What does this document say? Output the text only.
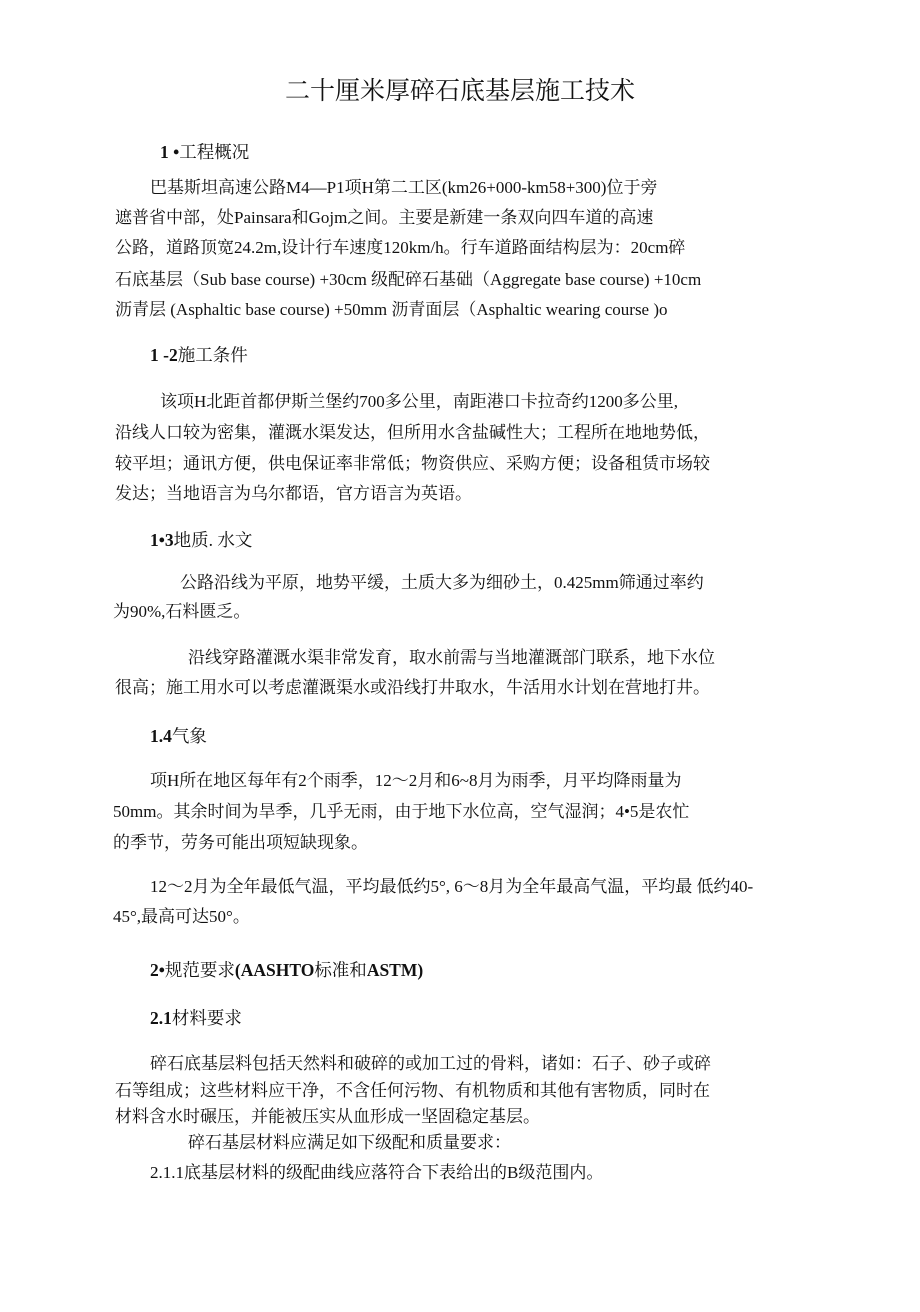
二十厘米厚碎石底基层施工技术
1 •工程概况
巴基斯坦高速公路M4—P1项H第二工区(km26+000-km58+300)位于旁
遮普省中部，处Painsara和Gojm之间。主要是新建一条双向四车道的高速
公路，道路顶宽24.2m,设计行车速度120km/h。行车道路面结构层为：20cm碎
石底基层（Sub base course) +30cm 级配碎石基础（Aggregate base course) +10cm
沥青层 (Asphaltic base course) +50mm 沥青面层（Asphaltic wearing course )o
1 -2施工条件
该项H北距首都伊斯兰堡约700多公里，南距港口卡拉奇约1200多公里,
沿线人口较为密集，灌溉水渠发达，但所用水含盐碱性大；工程所在地地势低，
较平坦；通讯方便，供电保证率非常低；物资供应、采购方便；设备租赁市场较
发达；当地语言为乌尔都语，官方语言为英语。
1•3地质. 水文
公路沿线为平原，地势平缓，土质大多为细砂土，0.425mm筛通过率约
为90%,石料匮乏。
沿线穿路灌溉水渠非常发育，取水前需与当地灌溉部门联系，地下水位
很高；施工用水可以考虑灌溉渠水或沿线打井取水，牛活用水计划在营地打井。
1.4气象
项H所在地区每年有2个雨季，12～2月和6~8月为雨季，月平均降雨量为
50mm。其余时间为旱季，几乎无雨，由于地下水位高，空气湿润；4•5是农忙
的季节，劳务可能出项短缺现象。
12～2月为全年最低气温，平均最低约5°, 6～8月为全年最高气温，平均最 低约40-
45°,最高可达50°。
2•规范要求(AASHTO标准和ASTM)
2.1材料要求
碎石底基层料包括天然料和破碎的或加工过的骨料，诸如：石子、砂子或碎
石等组成；这些材料应干净，不含任何污物、有机物质和其他有害物质，同时在
材料含水时碾压，并能被压实从血形成一坚固稳定基层。
碎石基层材料应满足如下级配和质量要求：
2.1.1底基层材料的级配曲线应落符合下表给出的B级范围内。
